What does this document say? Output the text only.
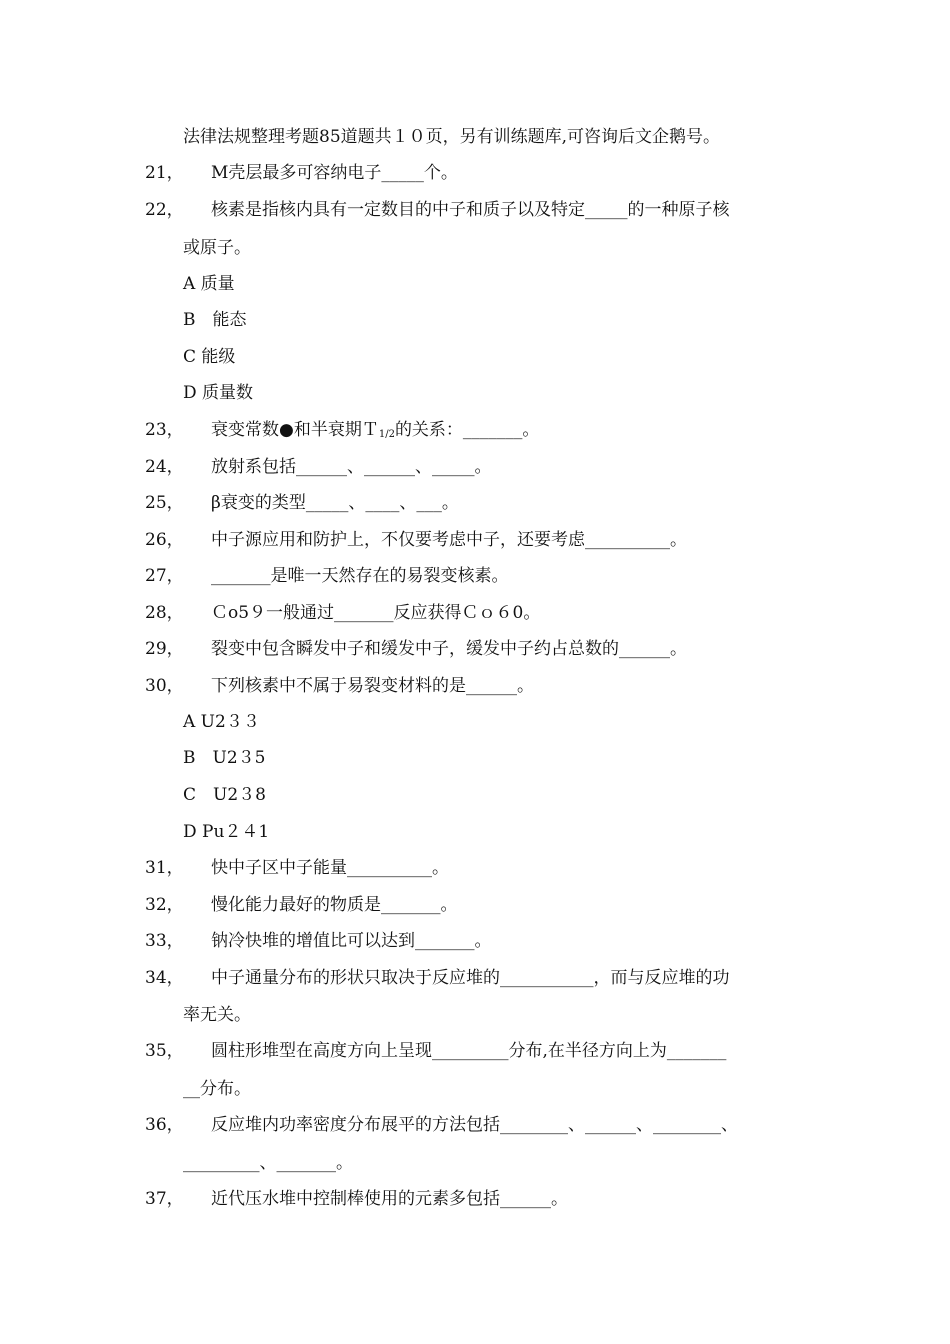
法律法规整理考题85道题共１０页，另有训练题库,可咨询后文企鹅号。
21， M壳层最多可容纳电子_____个。
22， 核素是指核内具有一定数目的中子和质子以及特定_____的一种原子核
或原子。
A 质量
B　能态
C 能级
D 质量数
23， 衰变常数●和半衰期Ｔ$_{1/2}$的关系：_______。
24， 放射系包括______、______、_____。
25， β衰变的类型_____、____、___。
26， 中子源应用和防护上，不仅要考虑中子，还要考虑__________。
27， _______是唯一天然存在的易裂变核素。
28， Ｃo5９一般通过_______反应获得Ｃｏ６0。
29， 裂变中包含瞬发中子和缓发中子，缓发中子约占总数的______。
30， 下列核素中不属于易裂变材料的是______。
A U2３３
B　U2３5
C　U2３8
D Pu２４1
31， 快中子区中子能量__________。
32， 慢化能力最好的物质是_______。
33， 钠冷快堆的增值比可以达到_______。
34， 中子通量分布的形状只取决于反应堆的___________，而与反应堆的功
率无关。
35， 圆柱形堆型在高度方向上呈现_________分布,在半径方向上为_______
__分布。
36， 反应堆内功率密度分布展平的方法包括________、______、________、
_________、_______。
37， 近代压水堆中控制棒使用的元素多包括______。
